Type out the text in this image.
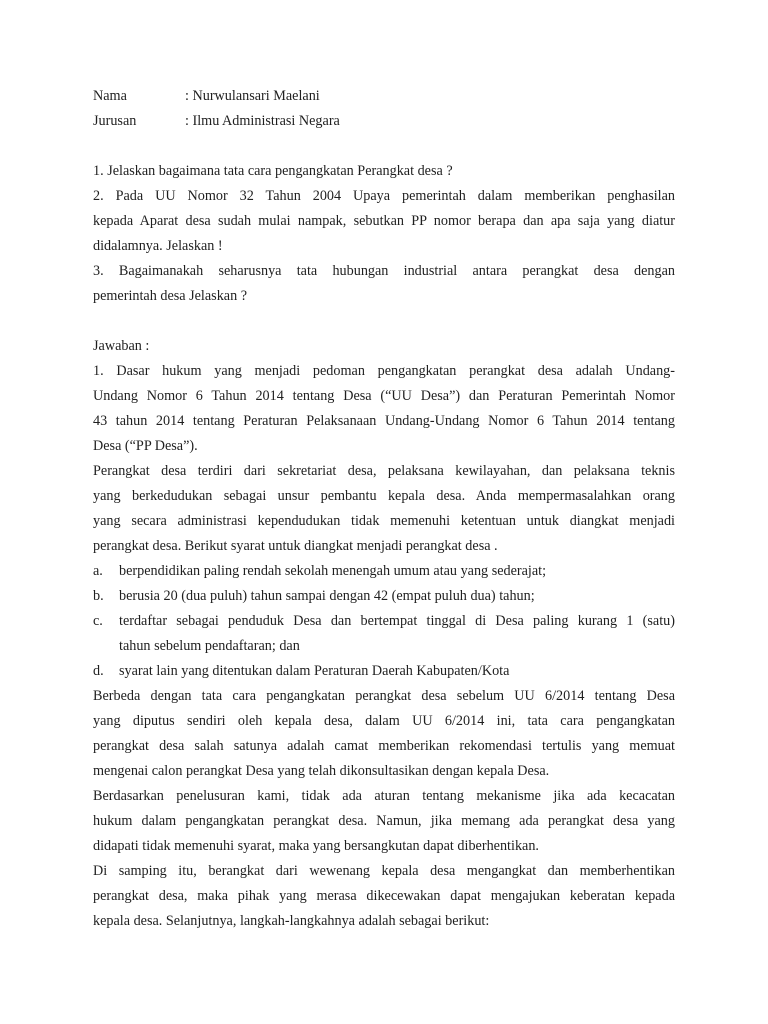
Nama	: Nurwulansari Maelani
Jurusan	: Ilmu Administrasi Negara
1. Jelaskan bagaimana tata cara pengangkatan Perangkat desa ?
2. Pada UU Nomor 32 Tahun 2004 Upaya pemerintah dalam memberikan penghasilan
kepada Aparat desa sudah mulai nampak, sebutkan PP nomor berapa dan apa saja yang diatur
didalamnya. Jelaskan !
3. Bagaimanakah seharusnya tata hubungan industrial antara perangkat desa dengan
pemerintah desa Jelaskan ?
Jawaban :
1. Dasar hukum yang menjadi pedoman pengangkatan perangkat desa adalah Undang-
Undang Nomor 6 Tahun 2014 tentang Desa (“UU Desa”) dan Peraturan Pemerintah Nomor
43 tahun 2014 tentang Peraturan Pelaksanaan Undang-Undang Nomor 6 Tahun 2014 tentang
Desa (“PP Desa”).
Perangkat desa terdiri dari sekretariat desa, pelaksana kewilayahan, dan pelaksana teknis
yang berkedudukan sebagai unsur pembantu kepala desa. Anda mempermasalahkan orang
yang secara administrasi kependudukan tidak memenuhi ketentuan untuk diangkat menjadi
perangkat desa. Berikut syarat untuk diangkat menjadi perangkat desa .
a.	berpendidikan paling rendah sekolah menengah umum atau yang sederajat;
b.	berusia 20 (dua puluh) tahun sampai dengan 42 (empat puluh dua) tahun;
c.	terdaftar sebagai penduduk Desa dan bertempat tinggal di Desa paling kurang 1 (satu)
tahun sebelum pendaftaran; dan
d.	syarat lain yang ditentukan dalam Peraturan Daerah Kabupaten/Kota
Berbeda dengan tata cara pengangkatan perangkat desa sebelum UU 6/2014 tentang Desa
yang diputus sendiri oleh kepala desa, dalam UU 6/2014 ini, tata cara pengangkatan
perangkat desa salah satunya adalah camat memberikan rekomendasi tertulis yang memuat
mengenai calon perangkat Desa yang telah dikonsultasikan dengan kepala Desa.
Berdasarkan penelusuran kami, tidak ada aturan tentang mekanisme jika ada kecacatan
hukum dalam pengangkatan perangkat desa. Namun, jika memang ada perangkat desa yang
didapati tidak memenuhi syarat, maka yang bersangkutan dapat diberhentikan.
Di samping itu, berangkat dari wewenang kepala desa mengangkat dan memberhentikan
perangkat desa, maka pihak yang merasa dikecewakan dapat mengajukan keberatan kepada
kepala desa. Selanjutnya, langkah-langkahnya adalah sebagai berikut:
